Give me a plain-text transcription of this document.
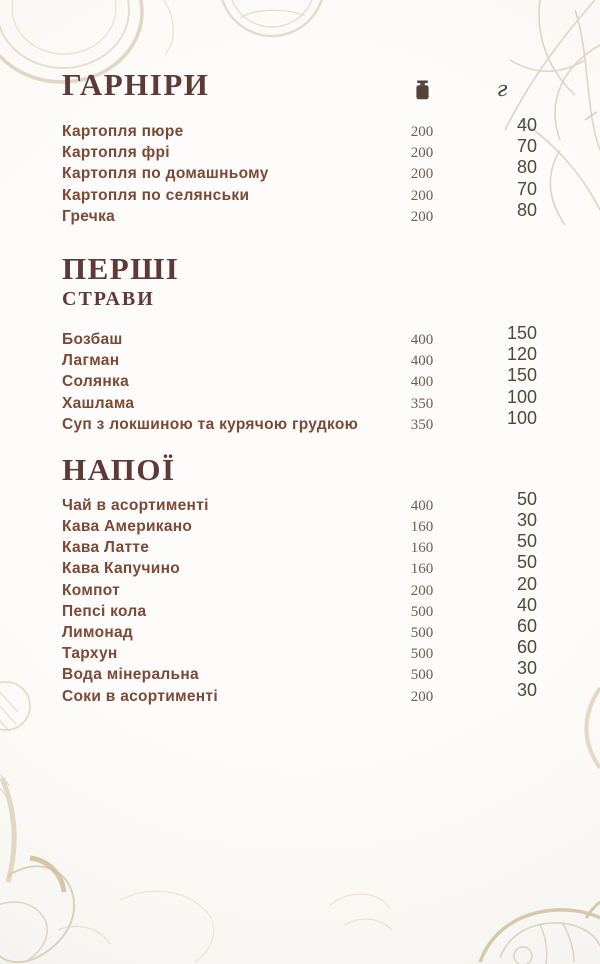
ГАРНІРИ	г
Картопля пюре	200	40
Картопля фрі	200	70
Картопля по домашньому	200	80
Картопля по селянськи	200	70
Гречка	200	80
ПЕРШІ
СТРАВИ
Бозбаш	400	150
Лагман	400	120
Солянка	400	150
Хашлама	350	100
Суп з локшиною та курячою грудкою	350	100
НАПОЇ
Чай в асортименті	400	50
Кава Американо	160	30
Кава Латте	160	50
Кава Капучино	160	50
Компот	200	20
Пепсі кола	500	40
Лимонад	500	60
Тархун	500	60
Вода мінеральна	500	30
Соки в асортименті	200	30
